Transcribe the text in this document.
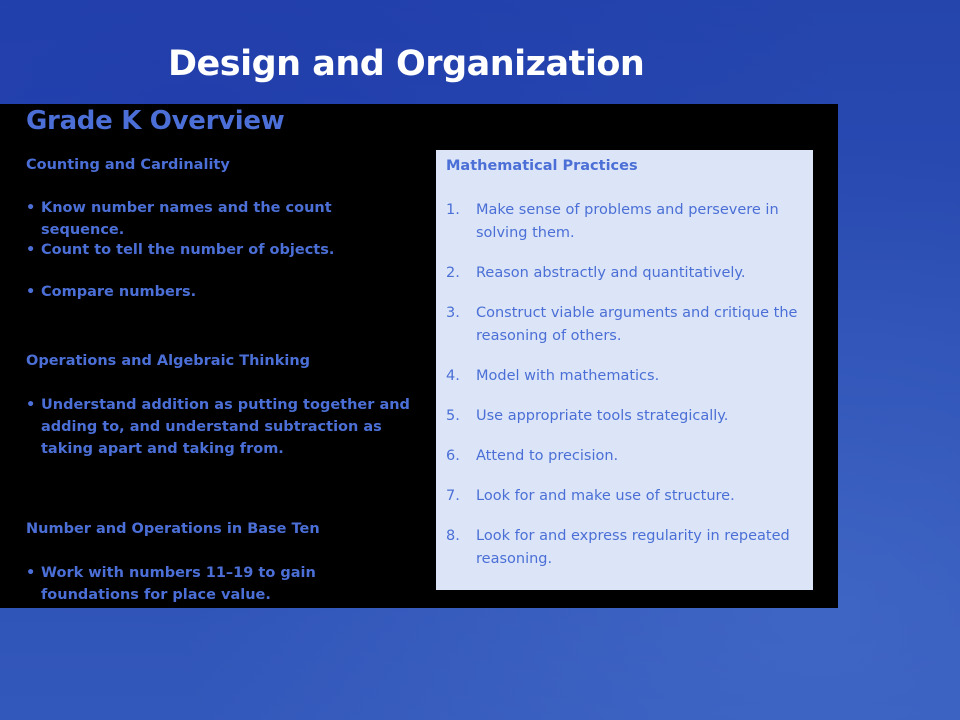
Design and Organization
Grade K Overview
Counting and Cardinality
• Know number names and the count sequence.
• Count to tell the number of objects.
• Compare numbers.
Operations and Algebraic Thinking
• Understand addition as putting together and adding to, and understand subtraction as taking apart and taking from.
Number and Operations in Base Ten
• Work with numbers 11–19 to gain foundations for place value.
Mathematical Practices
1. Make sense of problems and persevere in solving them.
2. Reason abstractly and quantitatively.
3. Construct viable arguments and critique the reasoning of others.
4. Model with mathematics.
5. Use appropriate tools strategically.
6. Attend to precision.
7. Look for and make use of structure.
8. Look for and express regularity in repeated reasoning.
